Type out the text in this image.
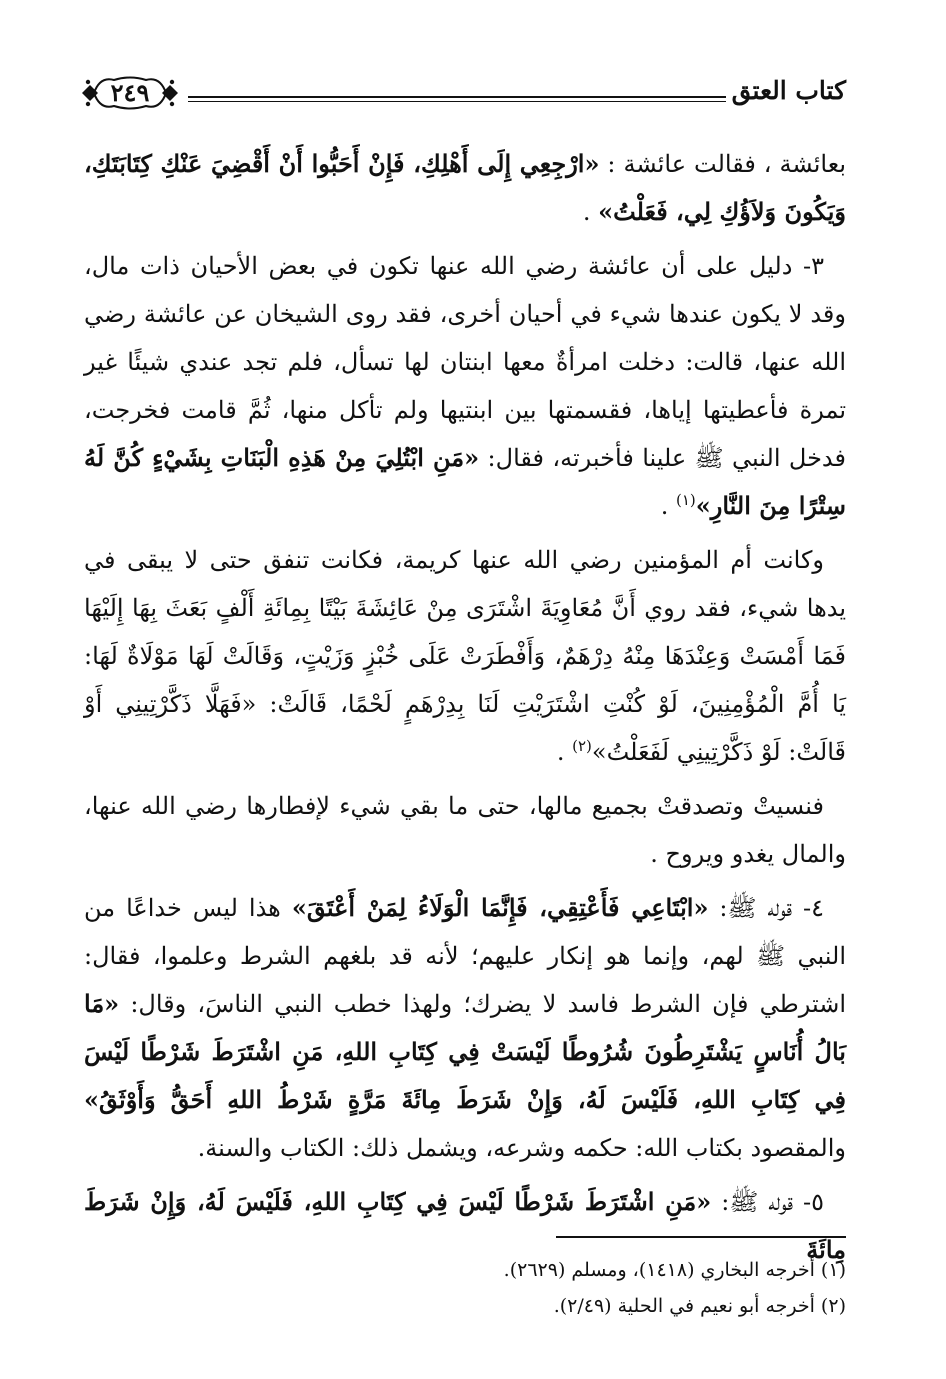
كتاب العتق
٢٤٩

بعائشة ، فقالت عائشة : «ارْجِعِي إِلَى أَهْلِكِ، فَإِنْ أَحَبُّوا أَنْ أَقْضِيَ عَنْكِ كِتَابَتَكِ، وَيَكُونَ وَلاَؤُكِ لِي، فَعَلْتُ» .

٣- دليل على أن عائشة رضي الله عنها تكون في بعض الأحيان ذات مال، وقد لا يكون عندها شيء في أحيان أخرى، فقد روى الشيخان عن عائشة رضي الله عنها، قالت: دخلت امرأةٌ معها ابنتان لها تسأل، فلم تجد عندي شيئًا غير تمرة فأعطيتها إياها، فقسمتها بين ابنتيها ولم تأكل منها، ثُمَّ قامت فخرجت، فدخل النبي ﷺ علينا فأخبرته، فقال: «مَنِ ابْتُلِيَ مِنْ هَذِهِ الْبَنَاتِ بِشَيْءٍ كُنَّ لَهُ سِتْرًا مِنَ النَّارِ»$^{(١)}$ .

وكانت أم المؤمنين رضي الله عنها كريمة، فكانت تنفق حتى لا يبقى في يدها شيء، فقد روي أَنَّ مُعَاوِيَةَ اشْتَرَى مِنْ عَائِشَةَ بَيْتًا بِمِائَةِ أَلْفٍ بَعَثَ بِهَا إِلَيْهَا فَمَا أَمْسَتْ وَعِنْدَهَا مِنْهُ دِرْهَمٌ، وَأَفْطَرَتْ عَلَى خُبْزٍ وَزَيْتٍ، وَقَالَتْ لَهَا مَوْلَاةٌ لَهَا: يَا أُمَّ الْمُؤْمِنِينَ، لَوْ كُنْتِ اشْتَرَيْتِ لَنَا بِدِرْهَمٍ لَحْمًا، قَالَتْ: «فَهَلَّا ذَكَّرْتِينِي أَوْ قَالَتْ: لَوْ ذَكَّرْتِينِي لَفَعَلْتُ»$^{(٢)}$ .

فنسيتْ وتصدقتْ بجميع مالها، حتى ما بقي شيء لإفطارها رضي الله عنها، والمال يغدو ويروح .

٤- قوله ﷺ: «ابْتَاعِي فَأَعْتِقِي، فَإِنَّمَا الْوَلَاءُ لِمَنْ أَعْتَقَ» هذا ليس خداعًا من النبي ﷺ لهم، وإنما هو إنكار عليهم؛ لأنه قد بلغهم الشرط وعلموا، فقال: اشترطي فإن الشرط فاسد لا يضرك؛ ولهذا خطب النبي الناسَ، وقال: «مَا بَالُ أُنَاسٍ يَشْتَرِطُونَ شُرُوطًا لَيْسَتْ فِي كِتَابِ اللهِ، مَنِ اشْتَرَطَ شَرْطًا لَيْسَ فِي كِتَابِ اللهِ، فَلَيْسَ لَهُ، وَإِنْ شَرَطَ مِائَةَ مَرَّةٍ شَرْطُ اللهِ أَحَقُّ وَأَوْثَقُ» والمقصود بكتاب الله: حكمه وشرعه، ويشمل ذلك: الكتاب والسنة.

٥- قوله ﷺ: «مَنِ اشْتَرَطَ شَرْطًا لَيْسَ فِي كِتَابِ اللهِ، فَلَيْسَ لَهُ، وَإِنْ شَرَطَ مِائَةَ

(١) أخرجه البخاري (١٤١٨)، ومسلم (٢٦٢٩).

(٢) أخرجه أبو نعيم في الحلية (٢/٤٩).
